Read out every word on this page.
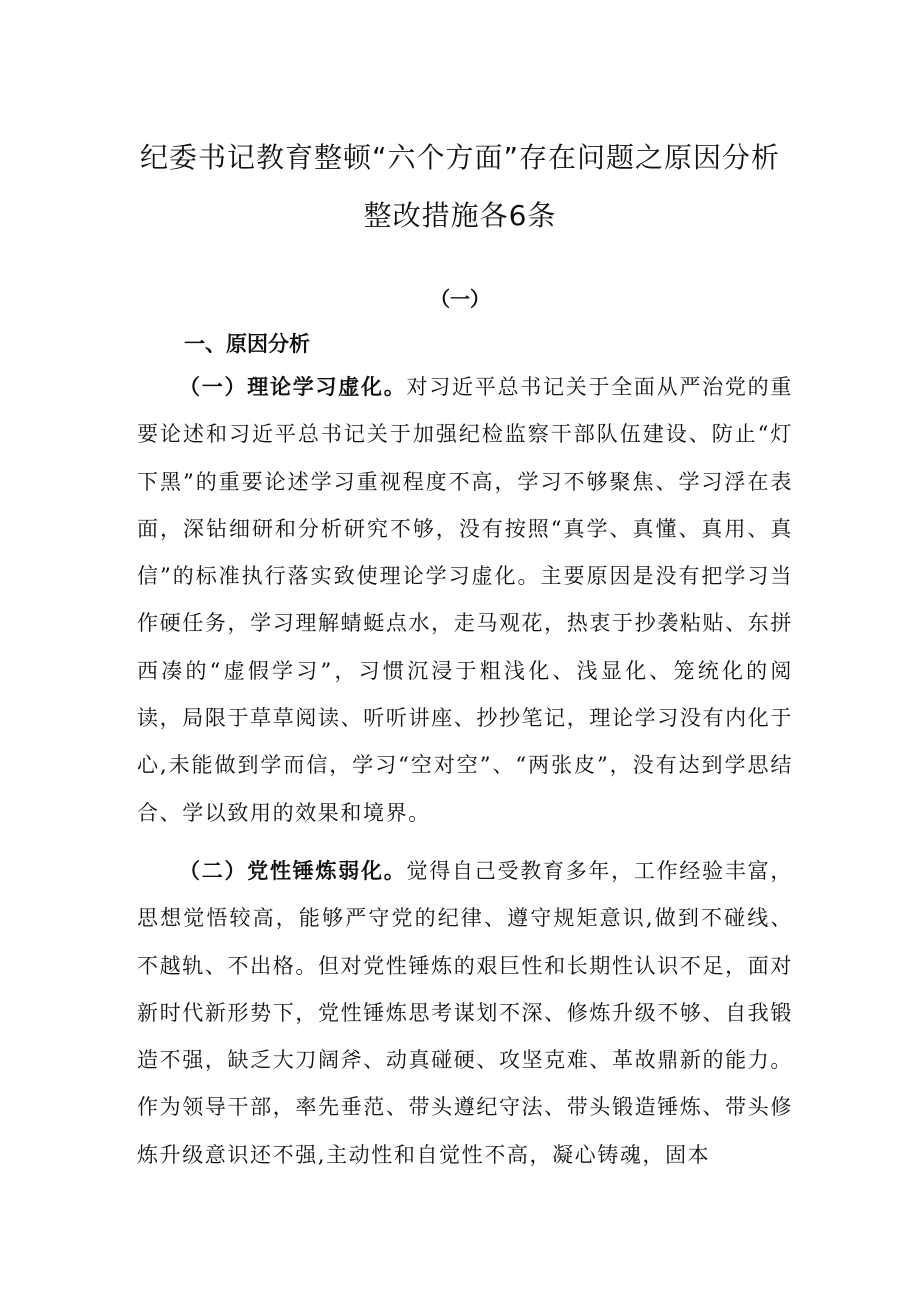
纪委书记教育整顿“六个方面”存在问题之原因分析
整改措施各6条
（一）
一、原因分析

（一）理论学习虚化。对习近平总书记关于全面从严治党的重要论述和习近平总书记关于加强纪检监察干部队伍建设、防止“灯下黑”的重要论述学习重视程度不高，学习不够聚焦、学习浮在表面，深钻细研和分析研究不够，没有按照“真学、真懂、真用、真信”的标准执行落实致使理论学习虚化。主要原因是没有把学习当作硬任务，学习理解蜻蜓点水，走马观花，热衷于抄袭粘贴、东拼西凑的“虚假学习”，习惯沉浸于粗浅化、浅显化、笼统化的阅读，局限于草草阅读、听听讲座、抄抄笔记，理论学习没有内化于心,未能做到学而信，学习“空对空”、“两张皮”，没有达到学思结合、学以致用的效果和境界。

（二）党性锤炼弱化。觉得自己受教育多年，工作经验丰富，思想觉悟较高，能够严守党的纪律、遵守规矩意识,做到不碰线、不越轨、不出格。但对党性锤炼的艰巨性和长期性认识不足，面对新时代新形势下，党性锤炼思考谋划不深、修炼升级不够、自我锻造不强，缺乏大刀阔斧、动真碰硬、攻坚克难、革故鼎新的能力。作为领导干部，率先垂范、带头遵纪守法、带头锻造锤炼、带头修炼升级意识还不强,主动性和自觉性不高，凝心铸魂，固本
